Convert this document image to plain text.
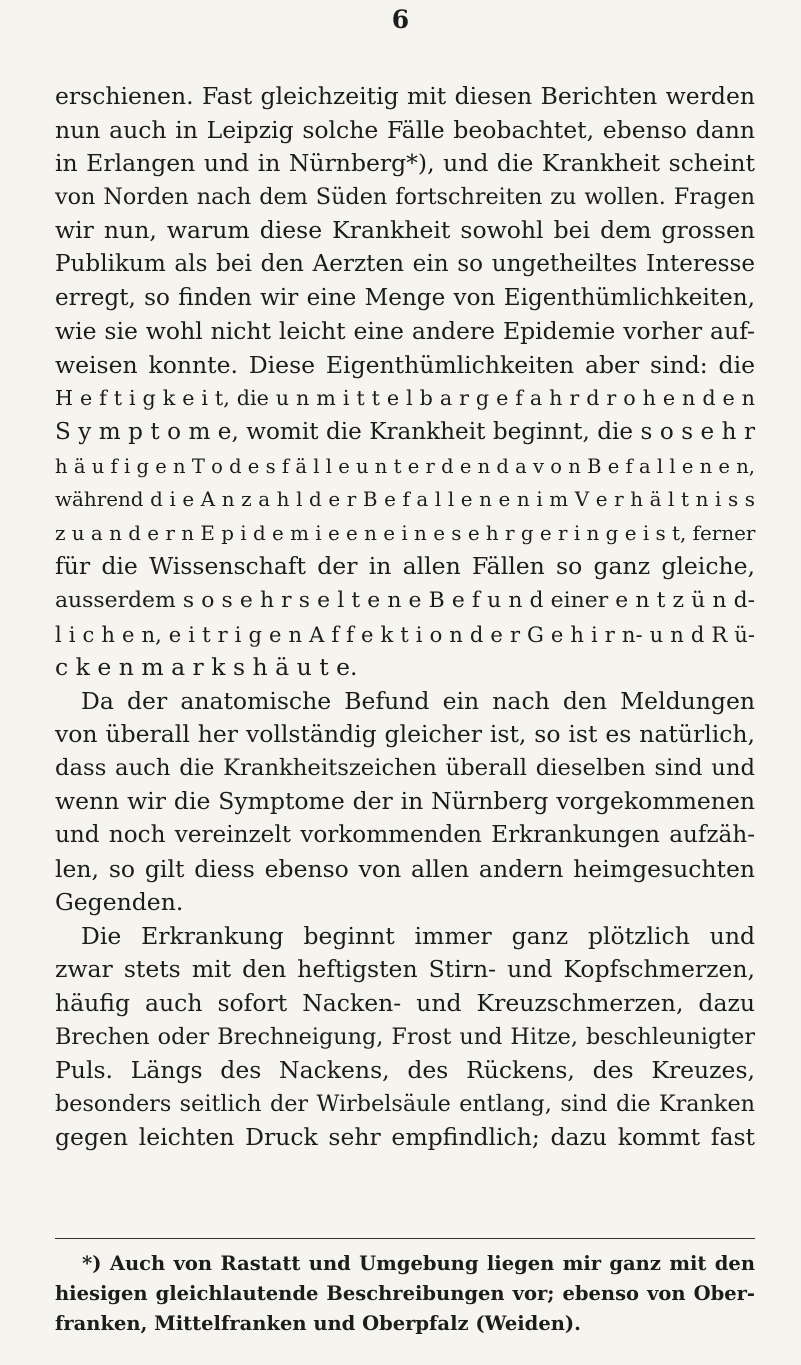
6
erschienen. Fast gleichzeitig mit diesen Berichten werden
nun auch in Leipzig solche Fälle beobachtet, ebenso dann
in Erlangen und in Nürnberg*), und die Krankheit scheint
von Norden nach dem Süden fortschreiten zu wollen. Fragen
wir nun, warum diese Krankheit sowohl bei dem grossen
Publikum als bei den Aerzten ein so ungetheiltes Interesse
erregt, so finden wir eine Menge von Eigenthümlichkeiten,
wie sie wohl nicht leicht eine andere Epidemie vorher auf-
weisen konnte. Diese Eigenthümlichkeiten aber sind: die
H e f t i g k e i t, die u n m i t t e l b a r g e f a h r d r o h e n d e n
S y m p t o m e, womit die Krankheit beginnt, die s o s e h r
h ä u f i g e n T o d e s f ä l l e u n t e r d e n d a v o n B e f a l l e n e n,
während d i e A n z a h l d e r B e f a l l e n e n i m V e r h ä l t n i s s
z u a n d e r n E p i d e m i e e n e i n e s e h r g e r i n g e i s t, ferner
für die Wissenschaft der in allen Fällen so ganz gleiche,
ausserdem s o s e h r s e l t e n e B e f u n d einer e n t z ü n d-
l i c h e n, e i t r i g e n A f f e k t i o n d e r G e h i r n- u n d R ü-
c k e n m a r k s h ä u t e.
Da der anatomische Befund ein nach den Meldungen
von überall her vollständig gleicher ist, so ist es natürlich,
dass auch die Krankheitszeichen überall dieselben sind und
wenn wir die Symptome der in Nürnberg vorgekommenen
und noch vereinzelt vorkommenden Erkrankungen aufzäh-
len, so gilt diess ebenso von allen andern heimgesuchten
Gegenden.
Die Erkrankung beginnt immer ganz plötzlich und
zwar stets mit den heftigsten Stirn- und Kopfschmerzen,
häufig auch sofort Nacken- und Kreuzschmerzen, dazu
Brechen oder Brechneigung, Frost und Hitze, beschleunigter
Puls. Längs des Nackens, des Rückens, des Kreuzes,
besonders seitlich der Wirbelsäule entlang, sind die Kranken
gegen leichten Druck sehr empfindlich; dazu kommt fast
*) Auch von Rastatt und Umgebung liegen mir ganz mit den
hiesigen gleichlautende Beschreibungen vor; ebenso von Ober-
franken, Mittelfranken und Oberpfalz (Weiden).
